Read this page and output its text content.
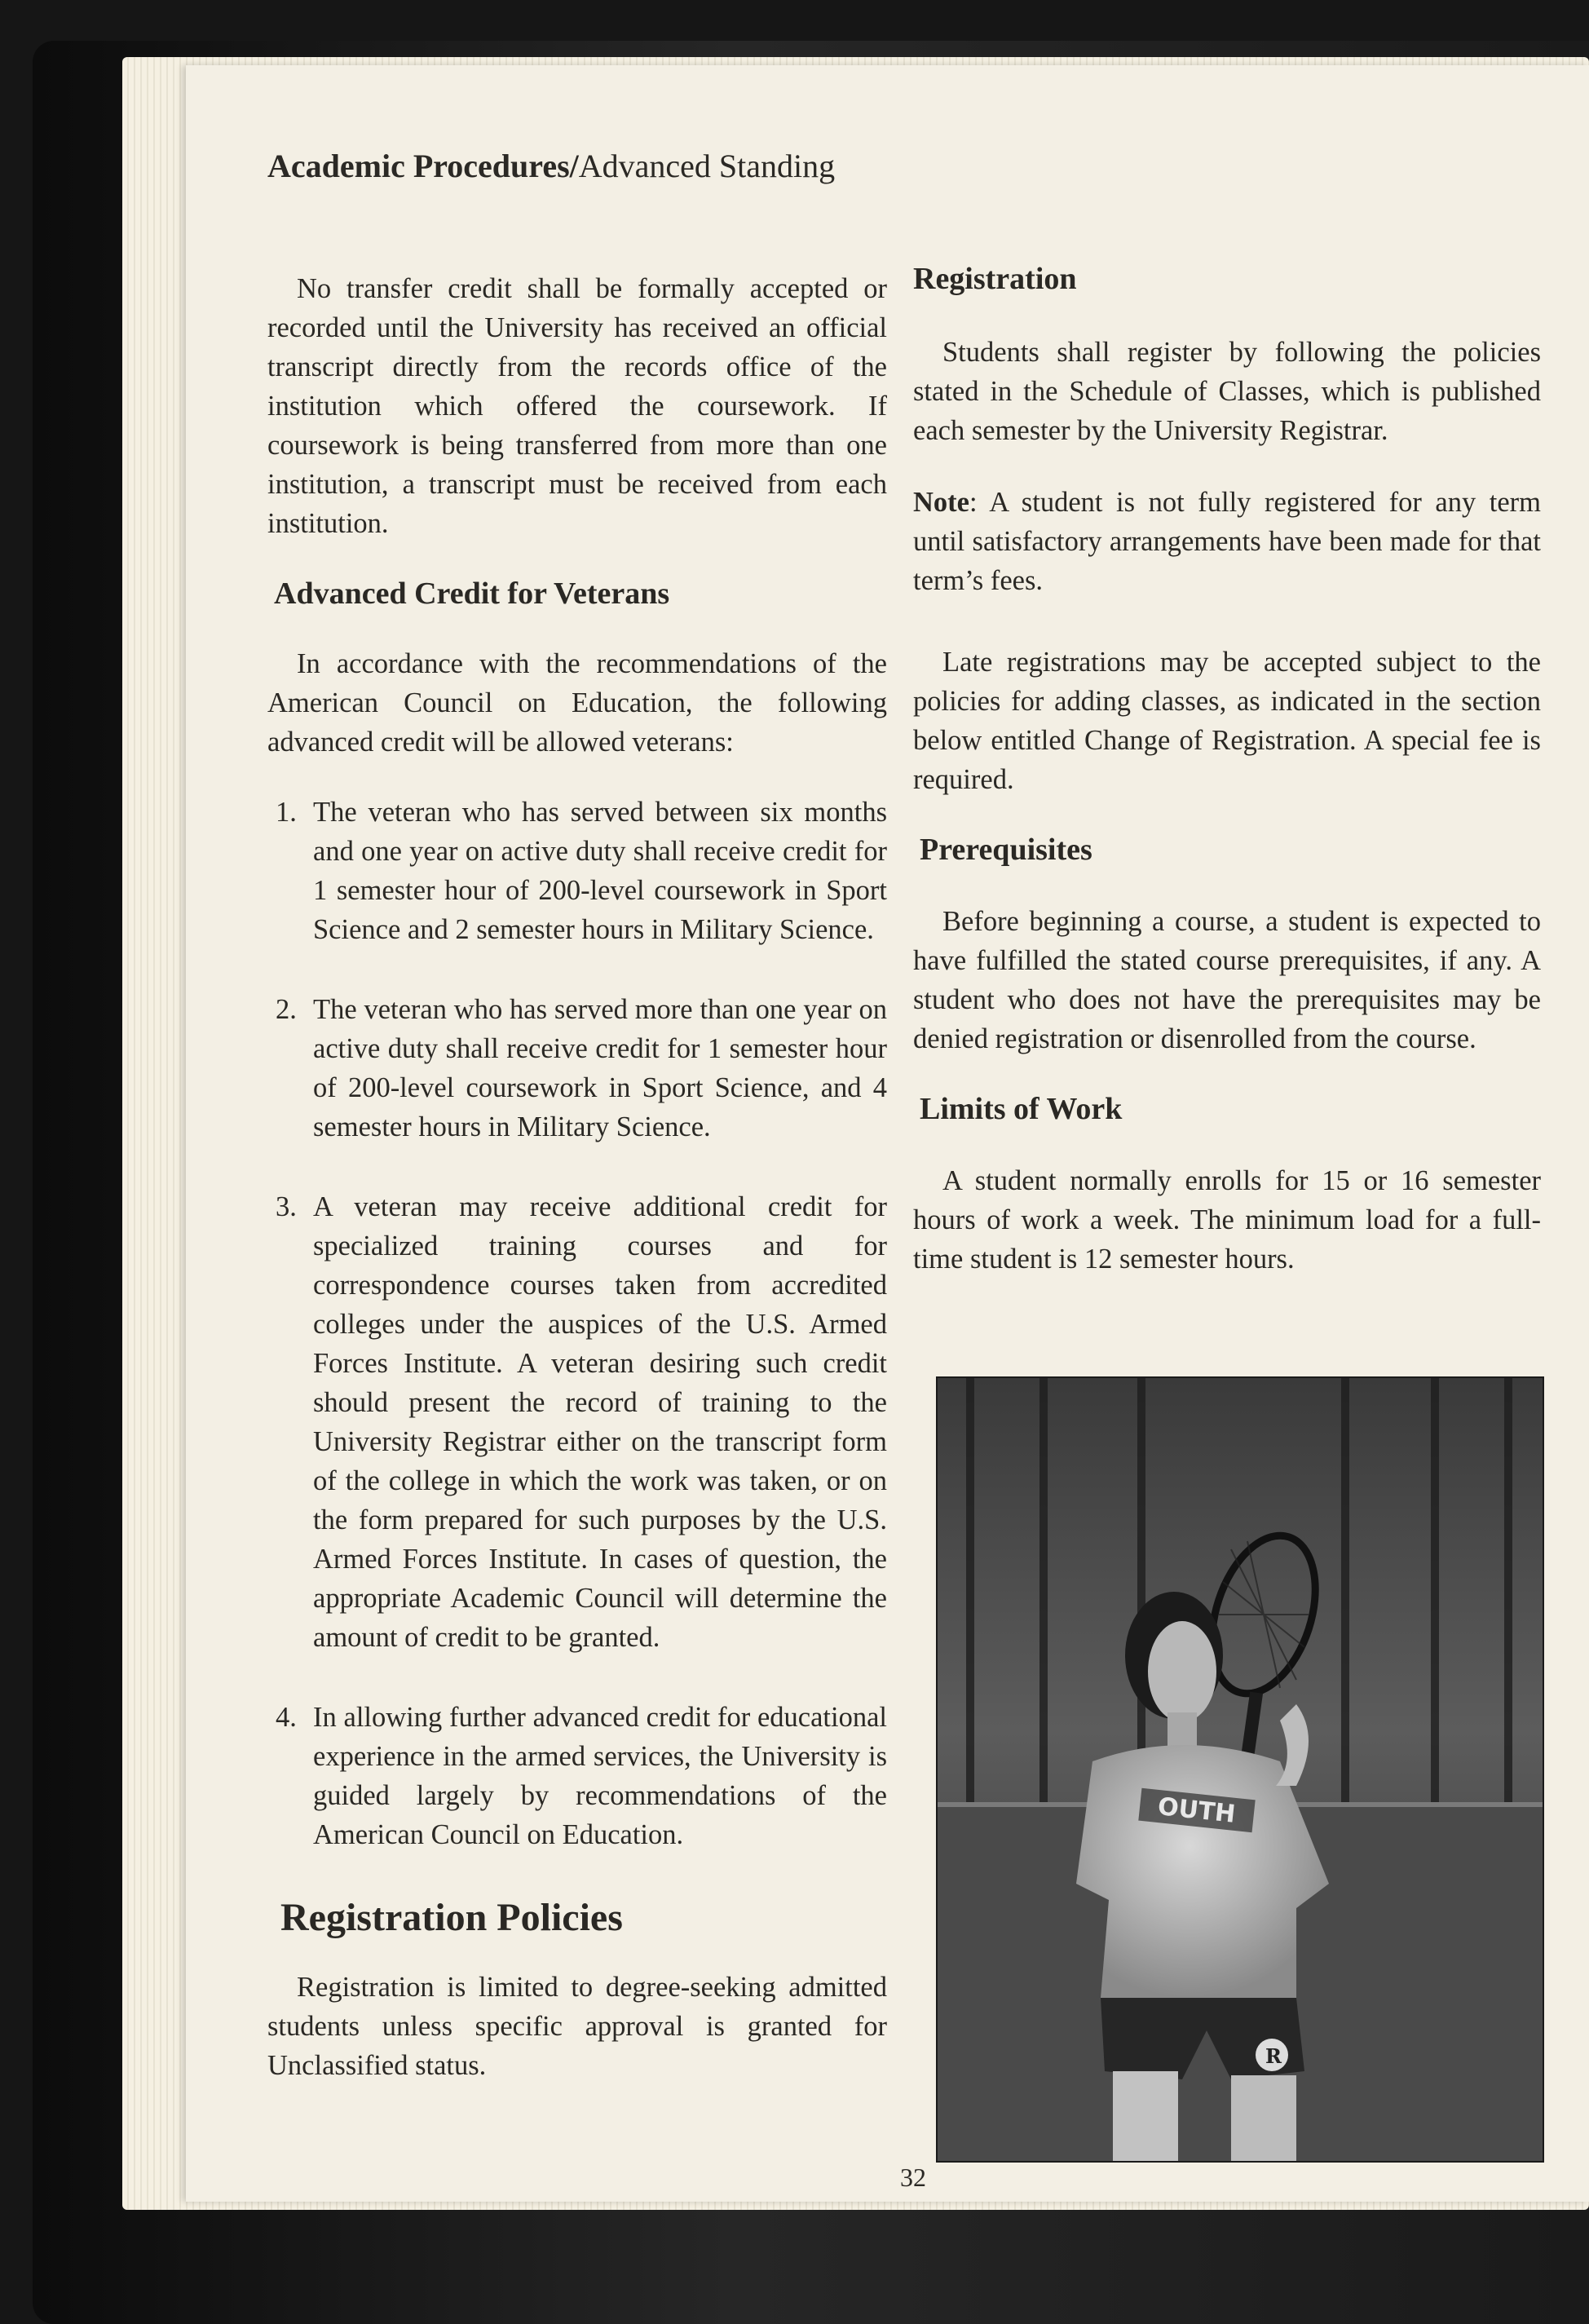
Academic Procedures/Advanced Standing

No transfer credit shall be formally accepted or recorded until the University has received an official transcript directly from the records office of the institution which offered the coursework. If coursework is being transferred from more than one institution, a transcript must be received from each institution.

Advanced Credit for Veterans

In accordance with the recommendations of the American Council on Education, the following advanced credit will be allowed veterans:

1. The veteran who has served between six months and one year on active duty shall receive credit for 1 semester hour of 200-level coursework in Sport Science and 2 semester hours in Military Science.
2. The veteran who has served more than one year on active duty shall receive credit for 1 semester hour of 200-level coursework in Sport Science, and 4 semester hours in Military Science.
3. A veteran may receive additional credit for specialized training courses and for correspondence courses taken from accredited colleges under the auspices of the U.S. Armed Forces Institute. A veteran desiring such credit should present the record of training to the University Registrar either on the transcript form of the college in which the work was taken, or on the form prepared for such purposes by the U.S. Armed Forces Institute. In cases of question, the appropriate Academic Council will determine the amount of credit to be granted.
4. In allowing further advanced credit for educational experience in the armed services, the University is guided largely by recommendations of the American Council on Education.
Registration Policies

Registration is limited to degree-seeking admitted students unless specific approval is granted for Unclassified status.

Registration

Students shall register by following the policies stated in the Schedule of Classes, which is published each semester by the University Registrar.

Note: A student is not fully registered for any term until satisfactory arrangements have been made for that term’s fees.

Late registrations may be accepted subject to the policies for adding classes, as indicated in the section below entitled Change of Registration. A special fee is required.

Prerequisites

Before beginning a course, a student is expected to have fulfilled the stated course prerequisites, if any. A student who does not have the prerequisites may be denied registration or disenrolled from the course.

Limits of Work

A student normally enrolls for 15 or 16 semester hours of work a week. The minimum load for a full-time student is 12 semester hours.

OUTH
R
32
